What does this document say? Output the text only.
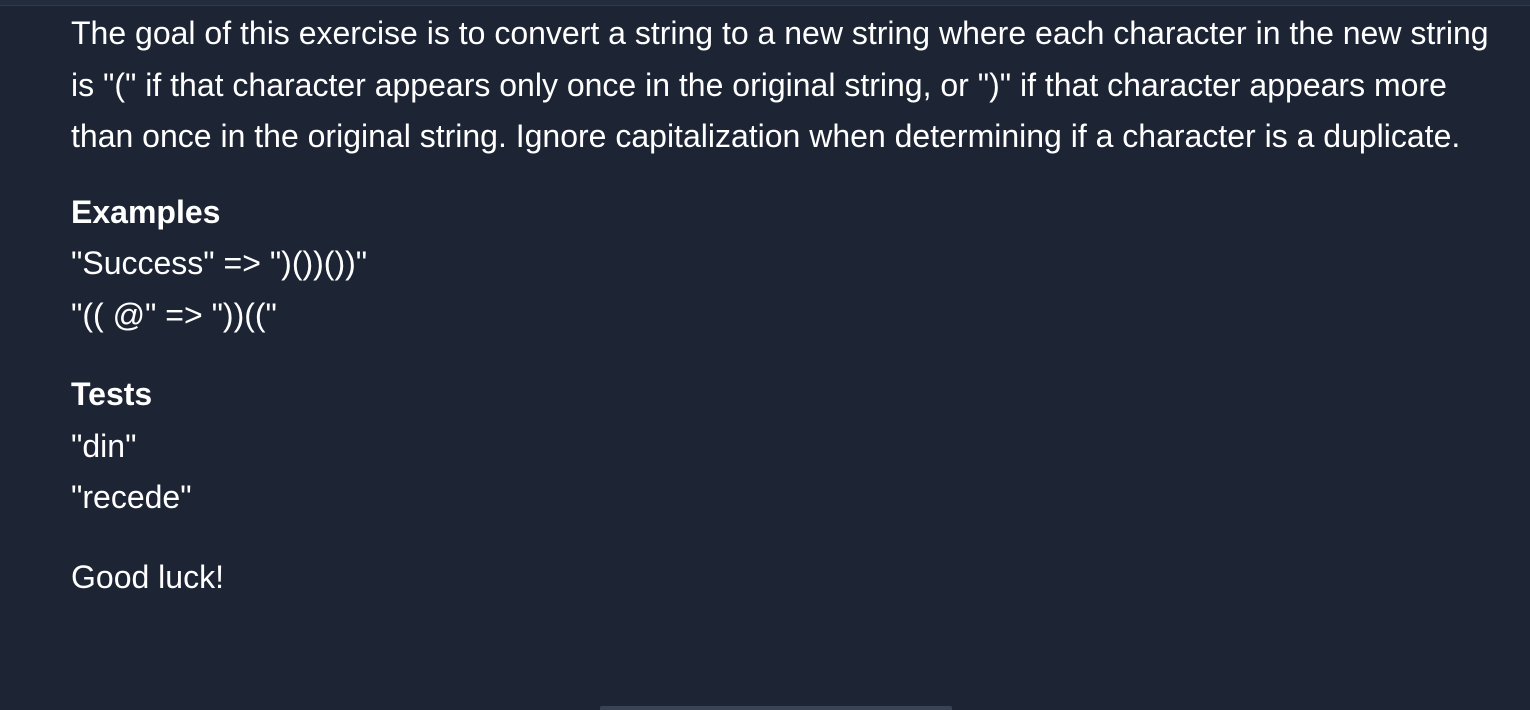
The goal of this exercise is to convert a string to a new string where each character in the new string is "(" if that character appears only once in the original string, or ")" if that character appears more than once in the original string. Ignore capitalization when determining if a character is a duplicate.

Examples

"Success" => ")())())"

"(( @" => "))(("

Tests

"din"

"recede"

Good luck!
